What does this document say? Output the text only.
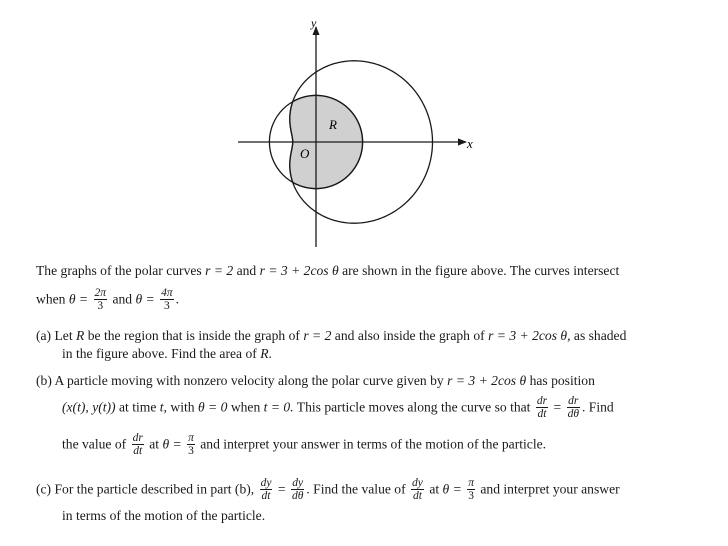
x
y
R
O
The graphs of the polar curves r = 2 and r = 3 + 2cos θ are shown in the figure above. The curves intersect
when $\theta = \frac{2\pi}{3}$ and $\theta = \frac{4\pi}{3}$ .
(a) Let R be the region that is inside the graph of r = 2 and also inside the graph of r = 3 + 2cos θ, as shaded
in the figure above. Find the area of R.
(b) A particle moving with nonzero velocity along the polar curve given by r = 3 + 2cos θ has position
(x(t), y(t)) at time t, with θ = 0 when t = 0. This particle moves along the curve so that $\frac{dr}{dt} = \frac{dr}{d\theta}$ . Find
the value of $\frac{dr}{dt}$ at $\theta = \frac{\pi}{3}$ and interpret your answer in terms of the motion of the particle.
(c) For the particle described in part (b), $\frac{dy}{dt} = \frac{dy}{d\theta}$ . Find the value of $\frac{dy}{dt}$ at $\theta = \frac{\pi}{3}$ and interpret your answer
in terms of the motion of the particle.
